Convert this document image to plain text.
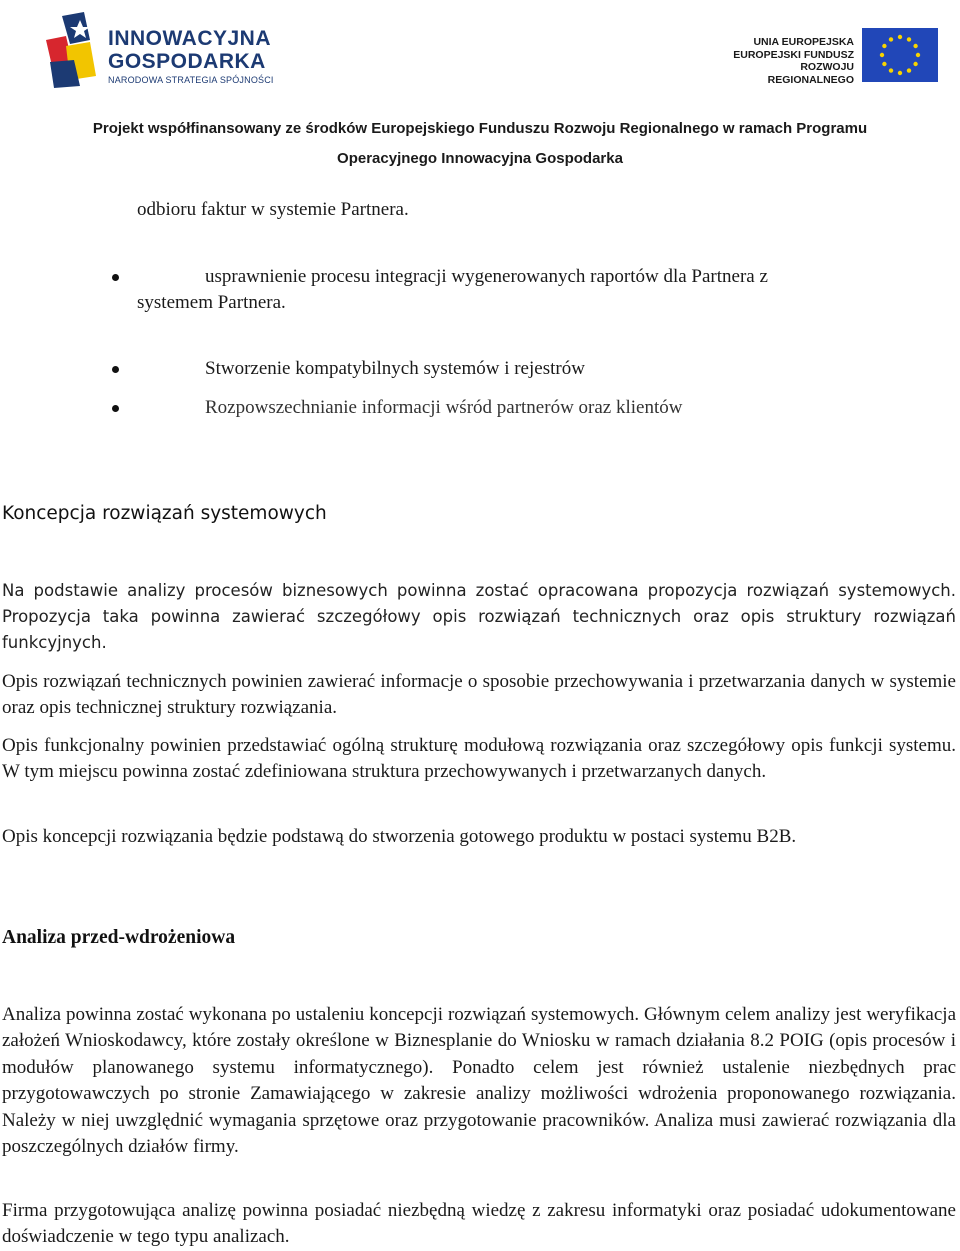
INNOWACYJNA
GOSPODARKA
NARODOWA STRATEGIA SPÓJNOŚCI
UNIA EUROPEJSKA
EUROPEJSKI FUNDUSZ
ROZWOJU REGIONALNEGO
Projekt współfinansowany ze środków Europejskiego Funduszu Rozwoju Regionalnego w ramach Programu
Operacyjnego Innowacyjna Gospodarka
odbioru faktur w systemie Partnera.
usprawnienie procesu integracji wygenerowanych raportów dla Partnera z
systemem Partnera.
Stworzenie kompatybilnych systemów i rejestrów
Rozpowszechnianie informacji wśród partnerów oraz klientów
Koncepcja rozwiązań systemowych
Na podstawie analizy procesów biznesowych powinna zostać opracowana propozycja rozwiązań systemowych. Propozycja taka powinna zawierać szczegółowy opis rozwiązań technicznych oraz opis struktury rozwiązań funkcyjnych.
Opis rozwiązań technicznych powinien zawierać informacje o sposobie przechowywania i przetwarzania danych w systemie oraz opis technicznej struktury rozwiązania.
Opis funkcjonalny powinien przedstawiać ogólną strukturę modułową rozwiązania oraz szczegółowy opis funkcji systemu. W tym miejscu powinna zostać zdefiniowana struktura przechowywanych i przetwarzanych danych.
Opis koncepcji rozwiązania będzie podstawą do stworzenia gotowego produktu w postaci systemu B2B.
Analiza przed-wdrożeniowa
Analiza powinna zostać wykonana po ustaleniu koncepcji rozwiązań systemowych. Głównym celem analizy jest weryfikacja założeń Wnioskodawcy, które zostały określone w Biznesplanie do Wniosku w ramach działania 8.2 POIG (opis procesów i modułów planowanego systemu informatycznego). Ponadto celem jest również ustalenie niezbędnych prac przygotowawczych po stronie Zamawiającego w zakresie analizy możliwości wdrożenia proponowanego rozwiązania. Należy w niej uwzględnić wymagania sprzętowe oraz przygotowanie pracowników. Analiza musi zawierać rozwiązania dla poszczególnych działów firmy.
Firma przygotowująca analizę powinna posiadać niezbędną wiedzę z zakresu informatyki oraz posiadać udokumentowane doświadczenie w tego typu analizach.
